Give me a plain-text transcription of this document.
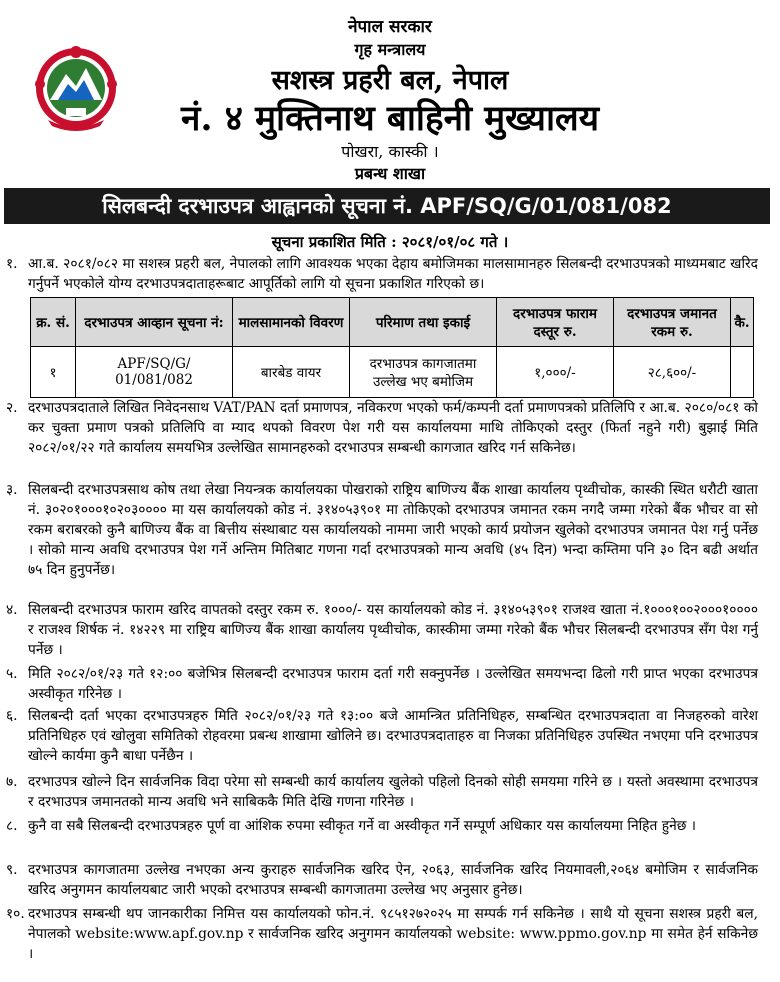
नेपाल सरकार
गृह मन्त्रालय
सशस्त्र प्रहरी बल, नेपाल
नं. ४ मुक्तिनाथ बाहिनी मुख्यालय
पोखरा, कास्की ।
प्रबन्ध शाखा
सिलबन्दी दरभाउपत्र आह्वानको सूचना नं. APF/SQ/G/01/081/082
सूचना प्रकाशित मिति : २०८१/०१/०८ गते ।
१. आ.ब. २०८१/०८२ मा सशस्त्र प्रहरी बल, नेपालको लागि आवश्यक भएका देहाय बमोजिमका मालसामानहरु सिलबन्दी दरभाउपत्रको माध्यमबाट खरिद गर्नुपर्ने भएकोले योग्य दरभाउपत्रदाताहरूबाट आपूर्तिको लागि यो सूचना प्रकाशित गरिएको छ।
क्र. सं.	दरभाउपत्र आव्हान सूचना नं:	मालसामानको विवरण	परिमाण तथा इकाई	दरभाउपत्र फाराम दस्तूर रु.	दरभाउपत्र जमानत रकम रु.	कै.
१	APF/SQ/G/ 01/081/082	बारबेड वायर	दरभाउपत्र कागजातमा उल्लेख भए बमोजिम	१,०००/-	२८,६००/-	
२. दरभाउपत्रदाताले लिखित निवेदनसाथ VAT/PAN दर्ता प्रमाणपत्र, नविकरण भएको फर्म/कम्पनी दर्ता प्रमाणपत्रको प्रतिलिपि र आ.ब. २०८०/०८१ को कर चुक्ता प्रमाण पत्रको प्रतिलिपि वा म्याद थपको विवरण पेश गरी यस कार्यालयमा माथि तोकिएको दस्तुर (फिर्ता नहुने गरी) बुझाई मिति २०८२/०१/२२ गते कार्यालय समयभित्र उल्लेखित सामानहरुको दरभाउपत्र सम्बन्धी कागजात खरिद गर्न सकिनेछ।
३. सिलबन्दी दरभाउपत्रसाथ कोष तथा लेखा नियन्त्रक कार्यालयका पोखराको राष्ट्रिय बाणिज्य बैंक शाखा कार्यालय पृथ्वीचोक, कास्की स्थित धरौटी खाता नं. ३०२०१०००१०२०३०००० मा यस कार्यालयको कोड नं. ३१४०५३९०१ मा तोकिएको दरभाउपत्र जमानत रकम नगदै जम्मा गरेको बैंक भौचर वा सो रकम बराबरको कुनै बाणिज्य बैंक वा बित्तीय संस्थाबाट यस कार्यालयको नाममा जारी भएको कार्य प्रयोजन खुलेको दरभाउपत्र जमानत पेश गर्नु पर्नेछ । सोको मान्य अवधि दरभाउपत्र पेश गर्ने अन्तिम मितिबाट गणना गर्दा दरभाउपत्रको मान्य अवधि (४५ दिन) भन्दा कम्तिमा पनि ३० दिन बढी अर्थात ७५ दिन हुनुपर्नेछ।
४. सिलबन्दी दरभाउपत्र फाराम खरिद वापतको दस्तुर रकम रु. १०००/- यस कार्यालयको कोड नं. ३१४०५३९०१ राजश्व खाता नं.१०००१००२०००१०००० र राजश्व शिर्षक नं. १४२२९ मा राष्ट्रिय बाणिज्य बैंक शाखा कार्यालय पृथ्वीचोक, कास्कीमा जम्मा गरेको बैंक भौचर सिलबन्दी दरभाउपत्र सँग पेश गर्नु पर्नेछ ।
५. मिति २०८२/०१/२३ गते १२:०० बजेभित्र सिलबन्दी दरभाउपत्र फाराम दर्ता गरी सक्नुपर्नेछ । उल्लेखित समयभन्दा ढिलो गरी प्राप्त भएका दरभाउपत्र अस्वीकृत गरिनेछ ।
६. सिलबन्दी दर्ता भएका दरभाउपत्रहरु मिति २०८२/०१/२३ गते १३:०० बजे आमन्त्रित प्रतिनिधिहरु, सम्बन्धित दरभाउपत्रदाता वा निजहरुको वारेश प्रतिनिधिहरु एवं खोलुवा समितिको रोहवरमा प्रबन्ध शाखामा खोलिने छ। दरभाउपत्रदाताहरु वा निजका प्रतिनिधिहरु उपस्थित नभएमा पनि दरभाउपत्र खोल्ने कार्यमा कुनै बाधा पर्नेछैन ।
७. दरभाउपत्र खोल्ने दिन सार्वजनिक विदा परेमा सो सम्बन्धी कार्य कार्यालय खुलेको पहिलो दिनको सोही समयमा गरिने छ । यस्तो अवस्थामा दरभाउपत्र र दरभाउपत्र जमानतको मान्य अवधि भने साबिककै मिति देखि गणना गरिनेछ ।
८. कुनै वा सबै सिलबन्दी दरभाउपत्रहरु पूर्ण वा आंशिक रुपमा स्वीकृत गर्ने वा अस्वीकृत गर्ने सम्पूर्ण अधिकार यस कार्यालयमा निहित हुनेछ ।
९. दरभाउपत्र कागजातमा उल्लेख नभएका अन्य कुराहरु सार्वजनिक खरिद ऐन, २०६३, सार्वजनिक खरिद नियमावली,२०६४ बमोजिम र सार्वजनिक खरिद अनुगमन कार्यालयबाट जारी भएको दरभाउपत्र सम्बन्धी कागजातमा उल्लेख भए अनुसार हुनेछ।
१०. दरभाउपत्र सम्बन्धी थप जानकारीका निमित्त यस कार्यालयको फोन.नं. ९८५१२७२०२५ मा सम्पर्क गर्न सकिनेछ । साथै यो सूचना सशस्त्र प्रहरी बल, नेपालको website:www.apf.gov.np र सार्वजनिक खरिद अनुगमन कार्यालयको website: www.ppmo.gov.np मा समेत हेर्न सकिनेछ ।
